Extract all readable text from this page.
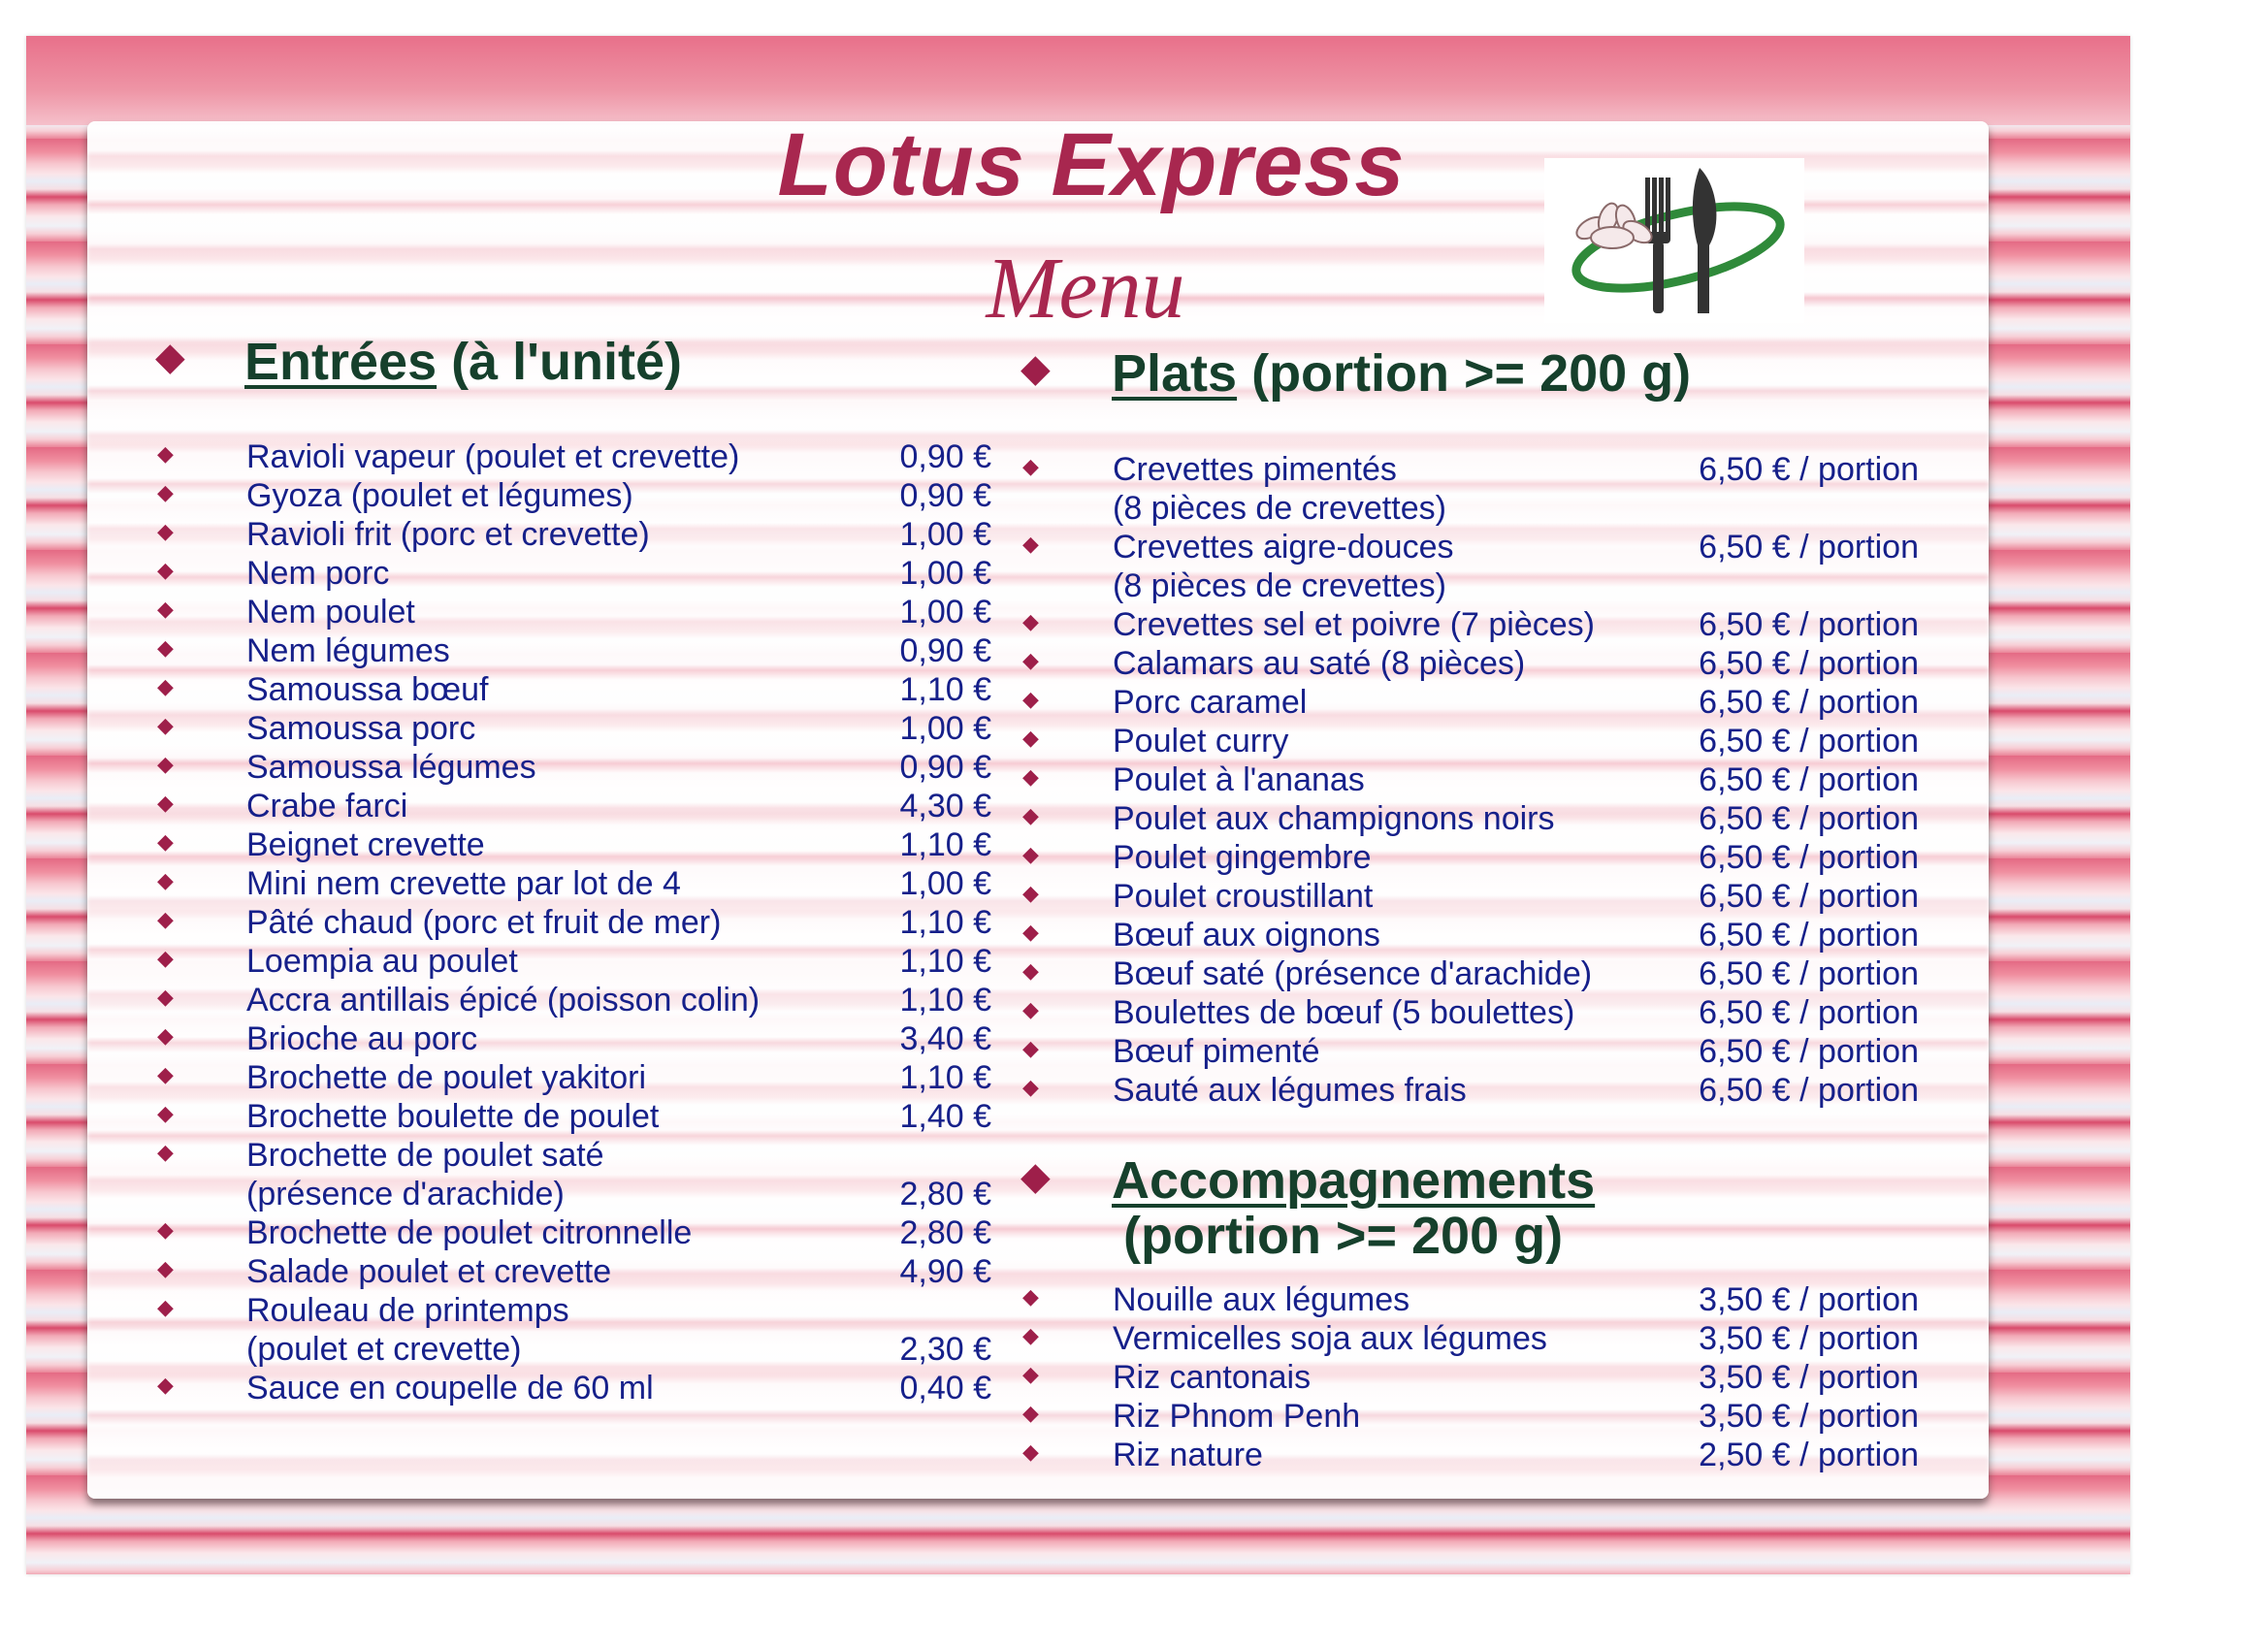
Lotus Express
Menu
◆ Entrées (à l'unité)	◆ Plats (portion >= 200 g)
◆ Accompagnements
(portion >= 200 g)
◆ Ravioli vapeur (poulet et crevette)	0,90 €
◆ Gyoza (poulet et légumes)	0,90 €
◆ Ravioli frit (porc et crevette)	1,00 €
◆ Nem porc	1,00 €
◆ Nem poulet	1,00 €
◆ Nem légumes	0,90 €
◆ Samoussa bœuf	1,10 €
◆ Samoussa porc	1,00 €
◆ Samoussa légumes	0,90 €
◆ Crabe farci	4,30 €
◆ Beignet crevette	1,10 €
◆ Mini nem crevette par lot de 4	1,00 €
◆ Pâté chaud (porc et fruit de mer)	1,10 €
◆ Loempia au poulet	1,10 €
◆ Accra antillais épicé (poisson colin)	1,10 €
◆ Brioche au porc	3,40 €
◆ Brochette de poulet yakitori	1,10 €
◆ Brochette boulette de poulet	1,40 €
◆ Brochette de poulet saté
(présence d'arachide)	2,80 €
◆ Brochette de poulet citronnelle	2,80 €
◆ Salade poulet et crevette	4,90 €
◆ Rouleau de printemps
(poulet et crevette)	2,30 €
◆ Sauce en coupelle de 60 ml	0,40 €
◆ Crevettes pimentés	6,50 € / portion
(8 pièces de crevettes)
◆ Crevettes aigre-douces	6,50 € / portion
(8 pièces de crevettes)
◆ Crevettes sel et poivre (7 pièces)	6,50 € / portion
◆ Calamars au saté (8 pièces)	6,50 € / portion
◆ Porc caramel	6,50 € / portion
◆ Poulet curry	6,50 € / portion
◆ Poulet à l'ananas	6,50 € / portion
◆ Poulet aux champignons noirs	6,50 € / portion
◆ Poulet gingembre	6,50 € / portion
◆ Poulet croustillant	6,50 € / portion
◆ Bœuf aux oignons	6,50 € / portion
◆ Bœuf saté (présence d'arachide)	6,50 € / portion
◆ Boulettes de bœuf (5 boulettes)	6,50 € / portion
◆ Bœuf pimenté	6,50 € / portion
◆ Sauté aux légumes frais	6,50 € / portion
◆ Nouille aux légumes	3,50 € / portion
◆ Vermicelles soja aux légumes	3,50 € / portion
◆ Riz cantonais	3,50 € / portion
◆ Riz Phnom Penh	3,50 € / portion
◆ Riz nature	2,50 € / portion
